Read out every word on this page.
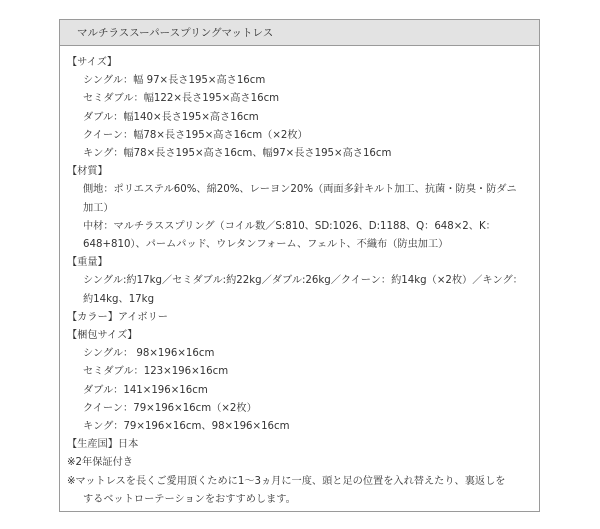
マルチラススーパースプリングマットレス
【サイズ】
シングル：幅 97×長さ195×高さ16cm
セミダブル：幅122×長さ195×高さ16cm
ダブル：幅140×長さ195×高さ16cm
クイーン：幅78×長さ195×高さ16cm（×2枚）
キング：幅78×長さ195×高さ16cm、幅97×長さ195×高さ16cm
【材質】
側地：ポリエステル60%、綿20%、レーヨン20%（両面多針キルト加工、抗菌・防臭・防ダニ
加工）
中材：マルチラススプリング（コイル数／S:810、SD:1026、D:1188、Q：648×2、K：
648+810）、パームパッド、ウレタンフォーム、フェルト、不織布（防虫加工）
【重量】
シングル:約17kg／セミダブル:約22kg／ダブル:26kg／クイーン：約14kg（×2枚）／キング：
約14kg、17kg
【カラー】アイボリー
【梱包サイズ】
シングル： 98×196×16cm
セミダブル：123×196×16cm
ダブル：141×196×16cm
クイーン：79×196×16cm（×2枚）
キング：79×196×16cm、98×196×16cm
【生産国】日本
※2年保証付き
※マットレスを長くご愛用頂くために1〜3ヵ月に一度、頭と足の位置を入れ替えたり、裏返しを
するベットローテーションをおすすめします。
